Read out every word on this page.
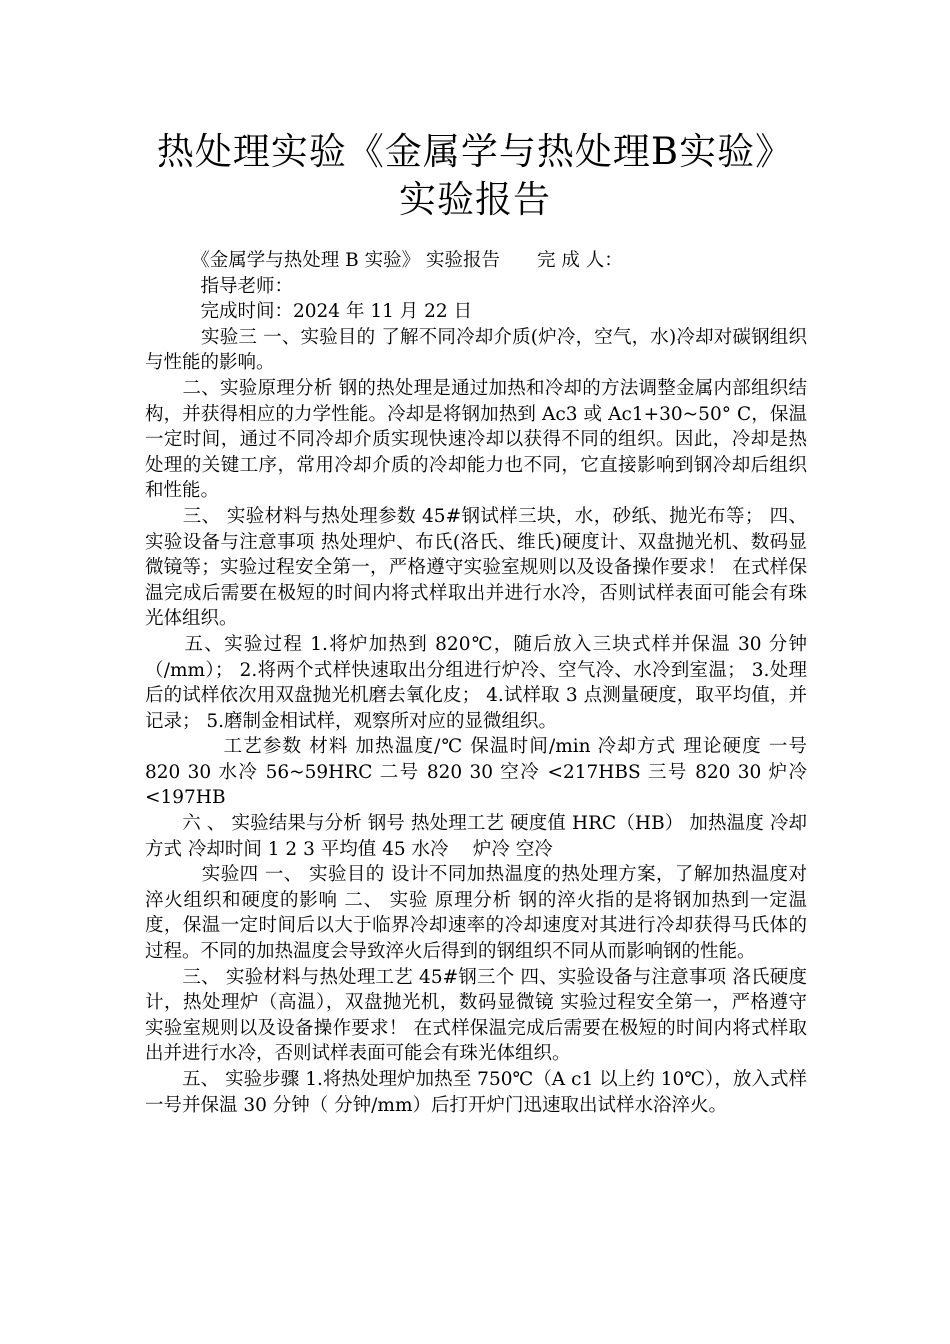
热处理实验《金属学与热处理B实验》实验报告

　　　《金属学与热处理 B 实验》 实验报告　　完 成 人：

　　　指导老师：

　　　完成时间：2024 年 11 月 22 日

　　　实验三 一、实验目的 了解不同冷却介质(炉冷，空气，水)冷却对碳钢组织与性能的影响。

　　二、实验原理分析 钢的热处理是通过加热和冷却的方法调整金属内部组织结构，并获得相应的力学性能。冷却是将钢加热到 Ac3 或 Ac1+30~50° C，保温一定时间，通过不同冷却介质实现快速冷却以获得不同的组织。因此，冷却是热处理的关键工序，常用冷却介质的冷却能力也不同，它直接影响到钢冷却后组织和性能。

　　三、 实验材料与热处理参数 45#钢试样三块，水，砂纸、抛光布等； 四、实验设备与注意事项 热处理炉、布氏(洛氏、维氏)硬度计、双盘抛光机、数码显微镜等；实验过程安全第一，严格遵守实验室规则以及设备操作要求！ 在式样保温完成后需要在极短的时间内将式样取出并进行水冷，否则试样表面可能会有珠光体组织。

　　五、实验过程 1.将炉加热到 820℃，随后放入三块式样并保温 30 分钟（/mm）； 2.将两个式样快速取出分组进行炉冷、空气冷、水冷到室温； 3.处理后的试样依次用双盘抛光机磨去氧化皮； 4.试样取 3 点测量硬度，取平均值，并记录； 5.磨制金相试样，观察所对应的显微组织。

　　　　工艺参数 材料 加热温度/℃ 保温时间/min 冷却方式 理论硬度 一号 820 30 水冷 56~59HRC 二号 820 30 空冷 <217HBS 三号 820 30 炉冷 <197HB

　　六 、 实验结果与分析 钢号 热处理工艺 硬度值 HRC（HB） 加热温度 冷却方式 冷却时间 1 2 3 平均值 45 水冷　 炉冷 空冷

　　　实验四 一、 实验目的 设计不同加热温度的热处理方案，了解加热温度对淬火组织和硬度的影响 二、 实验 原理分析 钢的淬火指的是将钢加热到一定温度，保温一定时间后以大于临界冷却速率的冷却速度对其进行冷却获得马氏体的过程。不同的加热温度会导致淬火后得到的钢组织不同从而影响钢的性能。

　　三、 实验材料与热处理工艺 45#钢三个 四、实验设备与注意事项 洛氏硬度计，热处理炉（高温），双盘抛光机，数码显微镜 实验过程安全第一，严格遵守实验室规则以及设备操作要求！ 在式样保温完成后需要在极短的时间内将式样取出并进行水冷，否则试样表面可能会有珠光体组织。

　　五、 实验步骤 1.将热处理炉加热至 750℃（A c1 以上约 10℃），放入式样一号并保温 30 分钟（ 分钟/mm）后打开炉门迅速取出试样水浴淬火。
